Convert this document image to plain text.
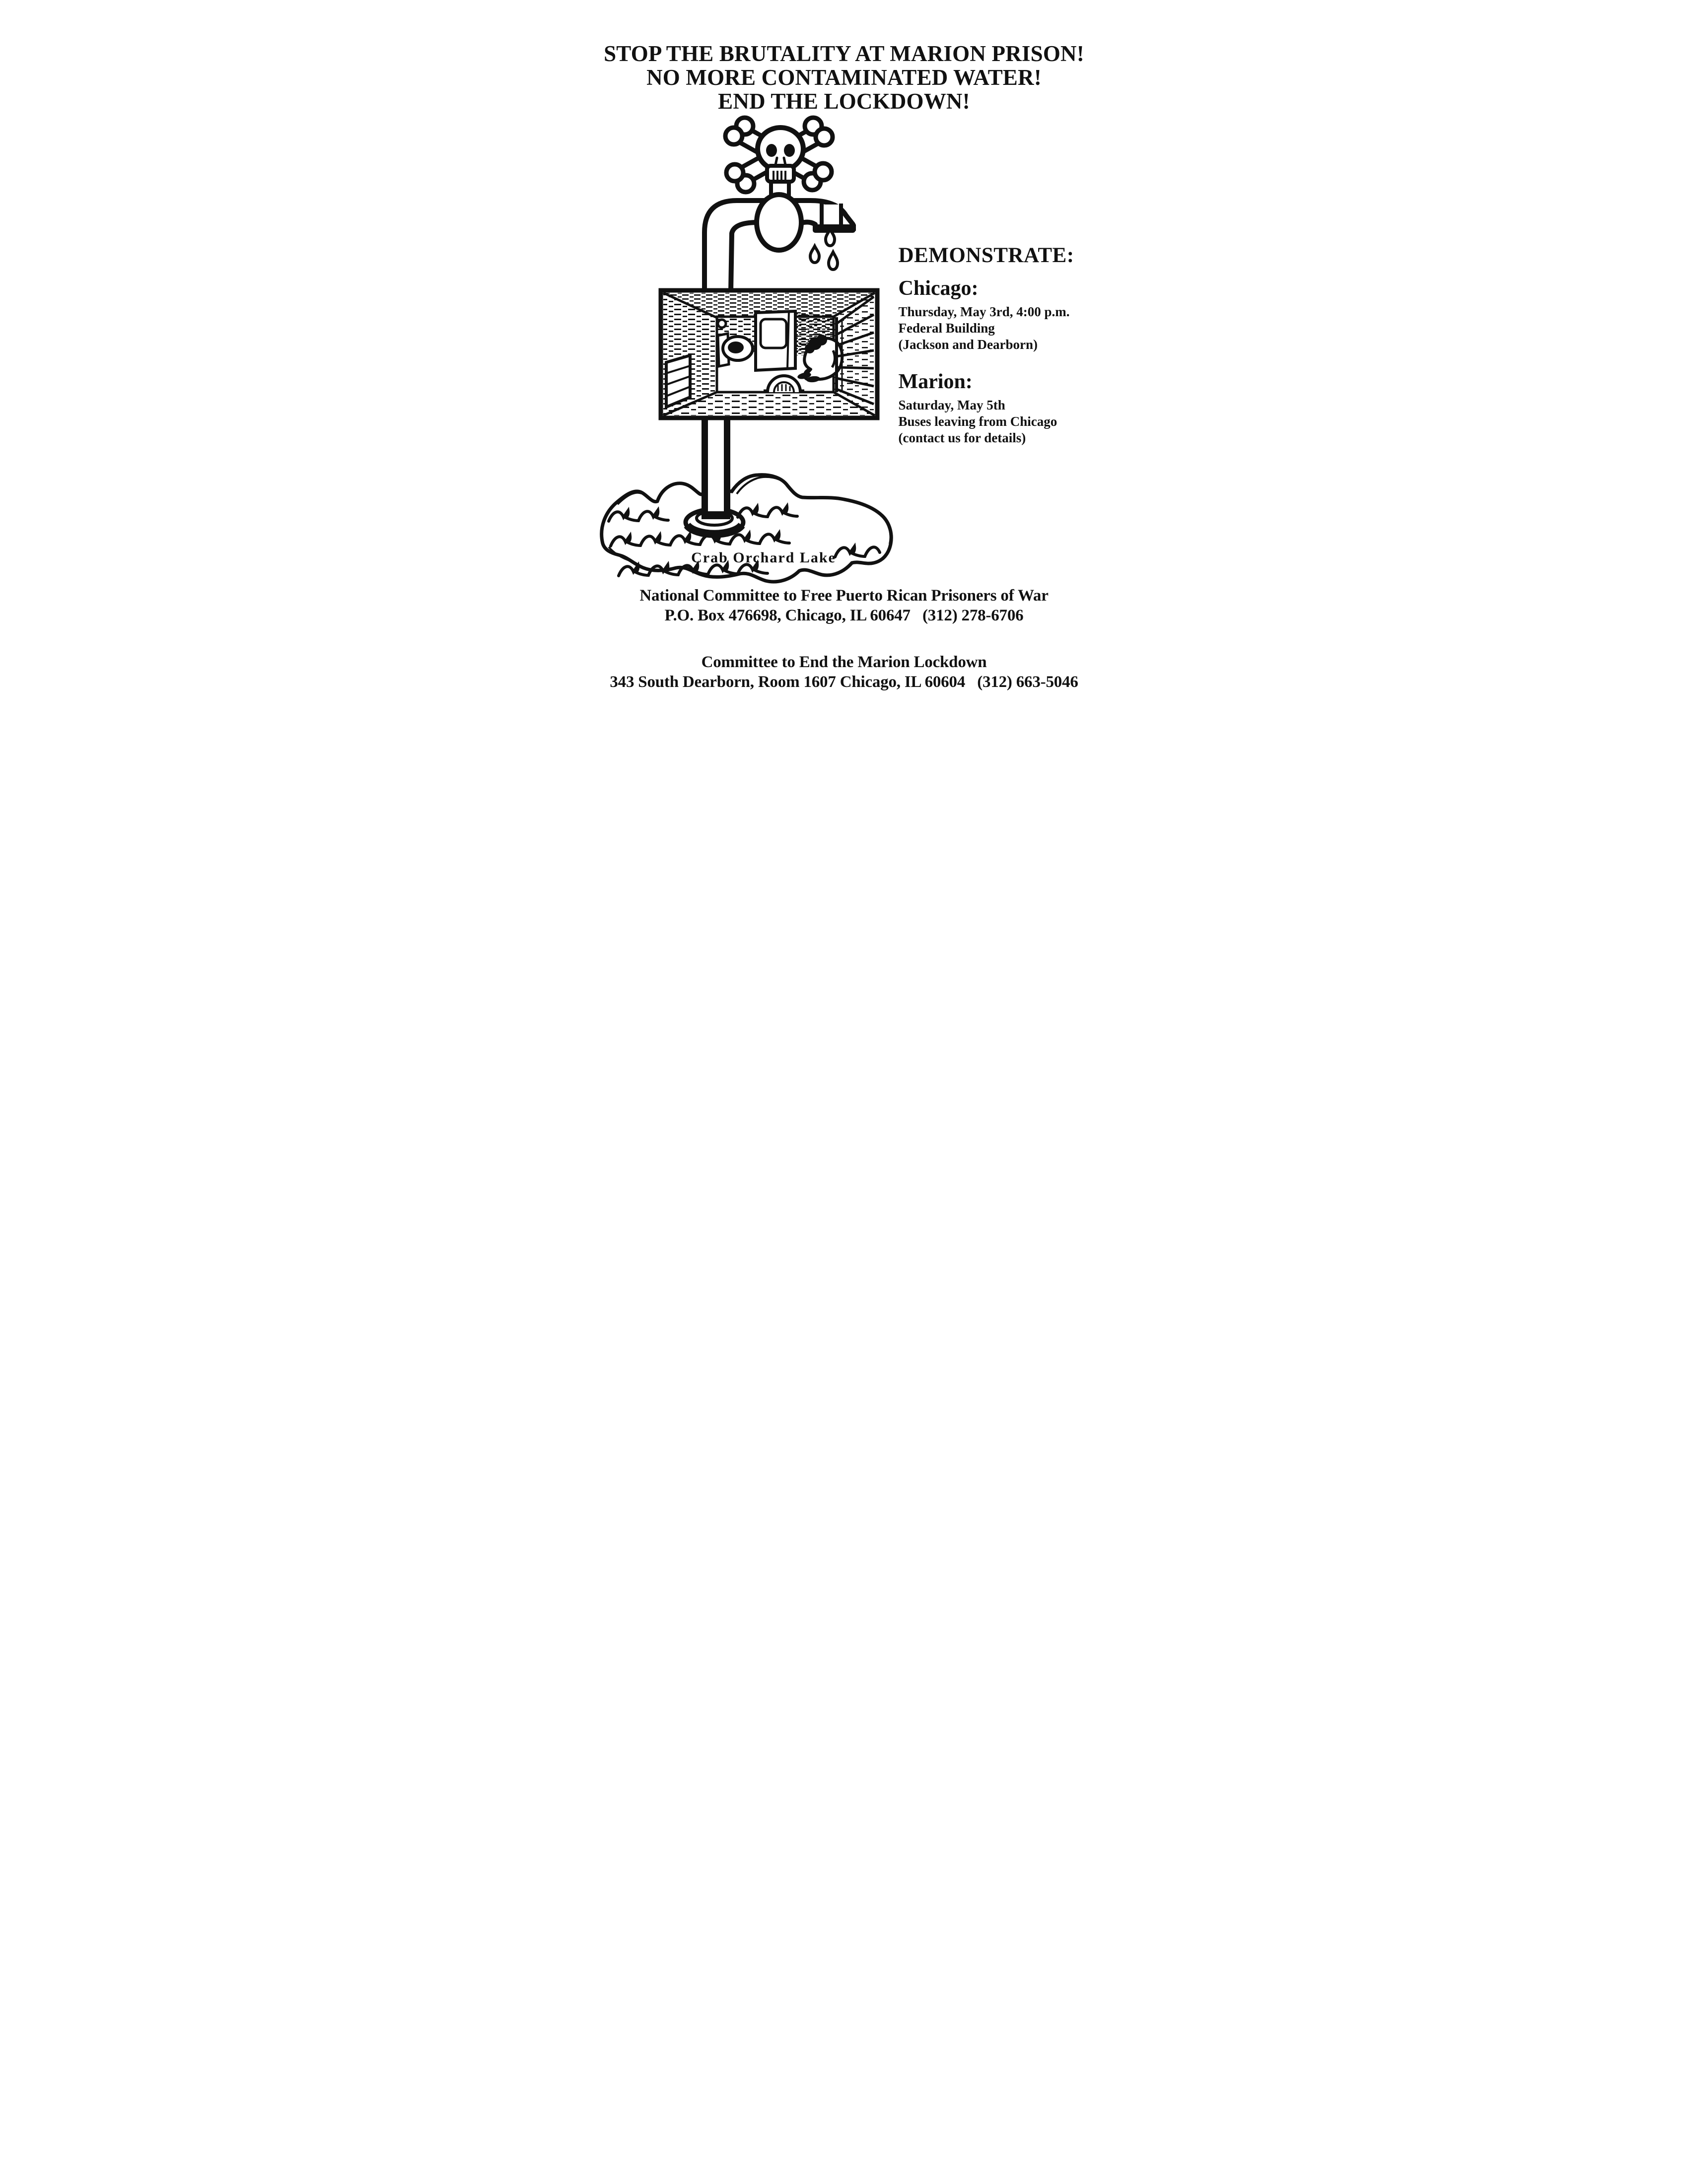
STOP THE BRUTALITY AT MARION PRISON!
NO MORE CONTAMINATED WATER!
END THE LOCKDOWN!
Crab Orchard Lake
DEMONSTRATE:
Chicago:
Thursday, May 3rd, 4:00 p.m.
Federal Building
(Jackson and Dearborn)
Marion:
Saturday, May 5th
Buses leaving from Chicago
(contact us for details)
National Committee to Free Puerto Rican Prisoners of War
P.O. Box 476698, Chicago, IL 60647   (312) 278-6706
Committee to End the Marion Lockdown
343 South Dearborn, Room 1607 Chicago, IL 60604   (312) 663-5046
